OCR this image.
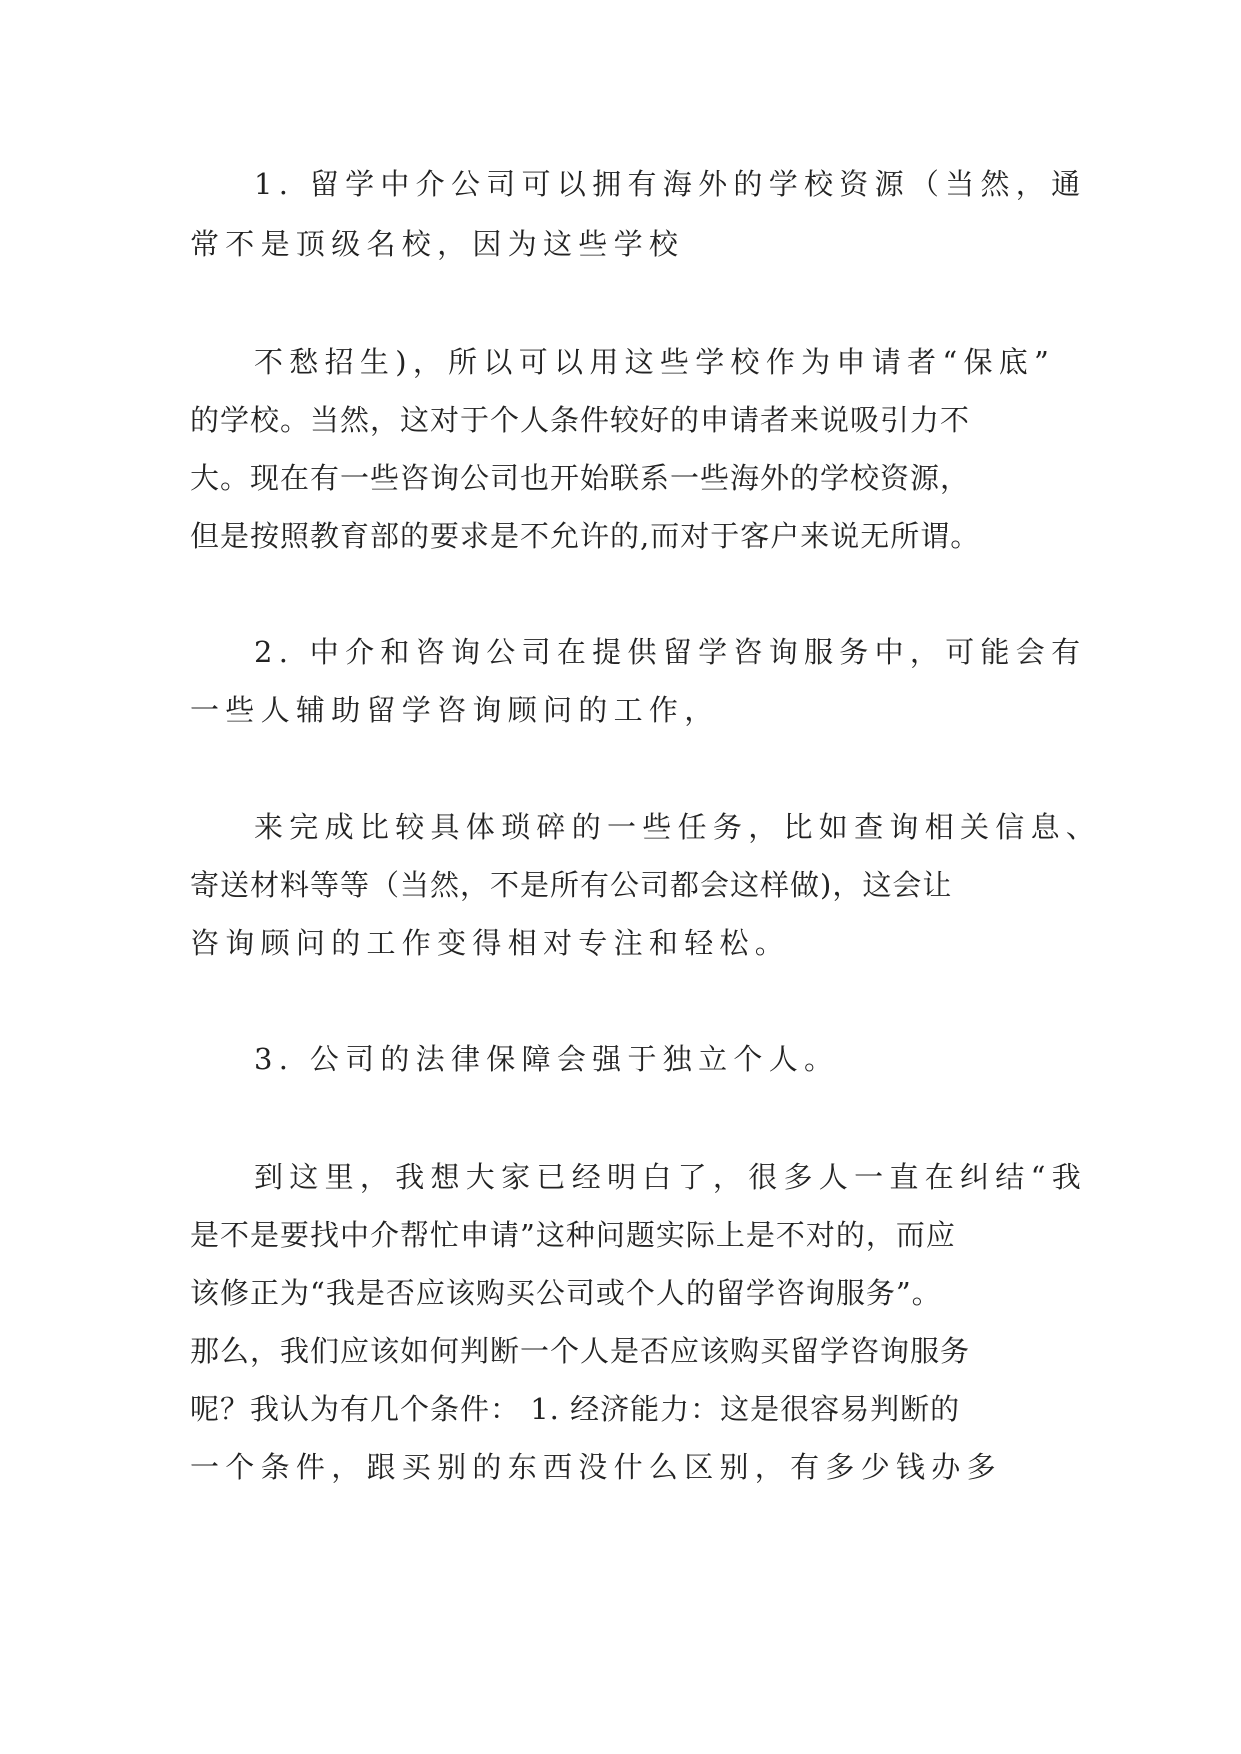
1. 留学中介公司可以拥有海外的学校资源（当然，通

常不是顶级名校，因为这些学校

不愁招生)，所以可以用这些学校作为申请者“保底”

的学校。当然，这对于个人条件较好的申请者来说吸引力不

大。现在有一些咨询公司也开始联系一些海外的学校资源，

但是按照教育部的要求是不允许的,而对于客户来说无所谓。

2. 中介和咨询公司在提供留学咨询服务中，可能会有

一些人辅助留学咨询顾问的工作，

来完成比较具体琐碎的一些任务，比如查询相关信息、

寄送材料等等（当然，不是所有公司都会这样做)，这会让

咨询顾问的工作变得相对专注和轻松。

3. 公司的法律保障会强于独立个人。

到这里，我想大家已经明白了，很多人一直在纠结“我

是不是要找中介帮忙申请”这种问题实际上是不对的，而应

该修正为“我是否应该购买公司或个人的留学咨询服务”。

那么，我们应该如何判断一个人是否应该购买留学咨询服务

呢？我认为有几个条件： 1. 经济能力：这是很容易判断的

一个条件，跟买别的东西没什么区别，有多少钱办多
